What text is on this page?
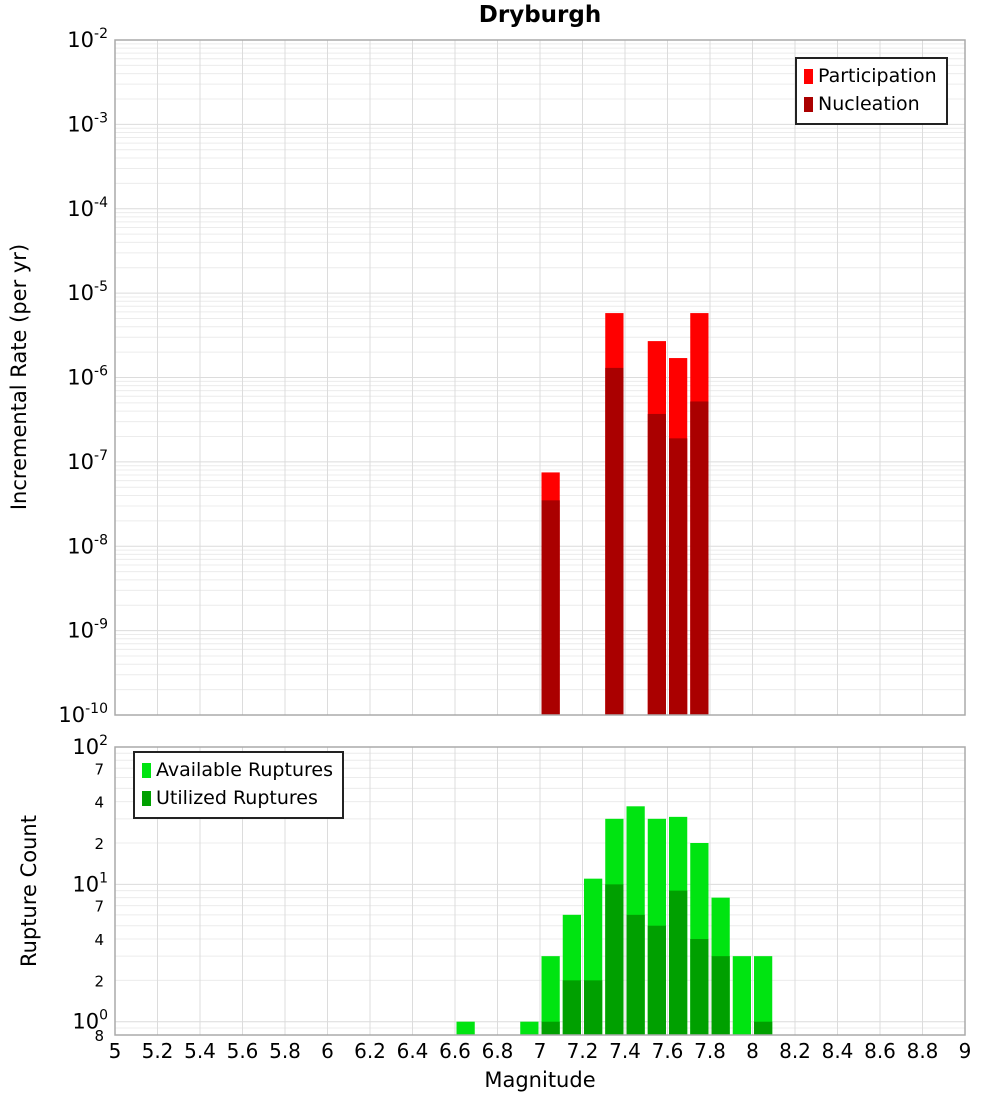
$10^{-2}$
$10^{-3}$
$10^{-4}$
$10^{-5}$
$10^{-6}$
$10^{-7}$
$10^{-8}$
$10^{-9}$
$10^{-10}$
$10^2$
$10^1$
$10^0$
7
4
2
7
4
2
8
5 5.2 5.4 5.6 5.8 6 6.2 6.4 6.6 6.8 7 7.2 7.4 7.6 7.8 8 8.2 8.4 8.6 8.8 9
Dryburgh
Incremental Rate (per yr)
Rupture Count
Magnitude
Participation
Nucleation
Available Ruptures
Utilized Ruptures
